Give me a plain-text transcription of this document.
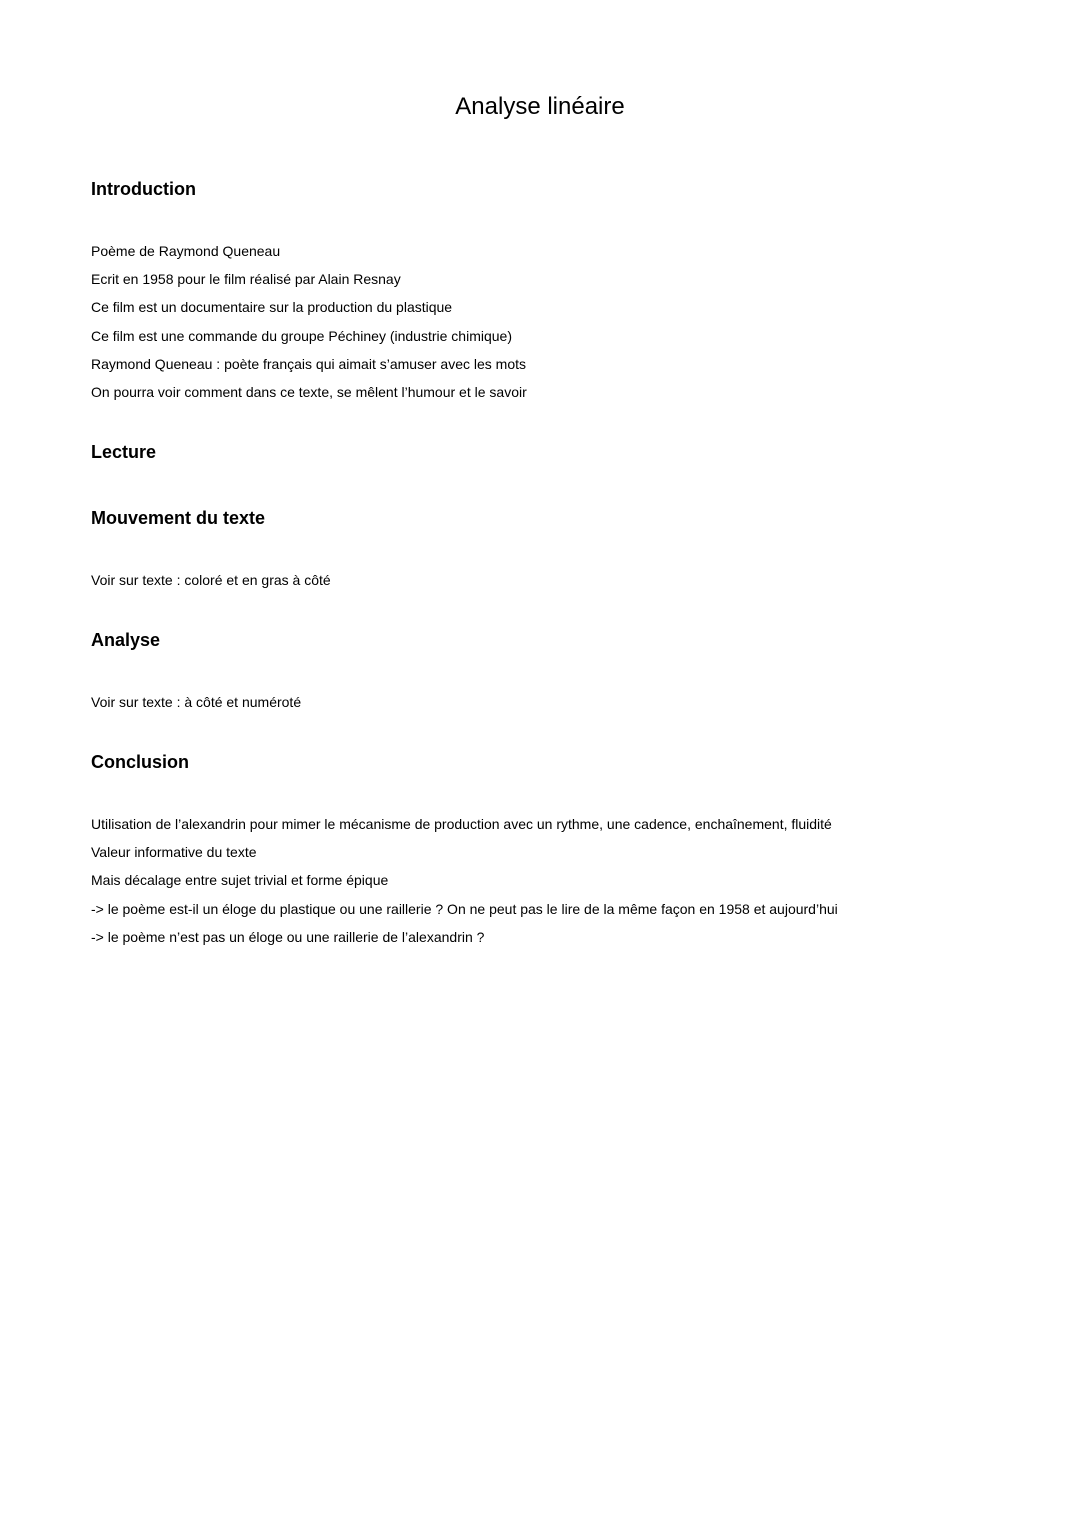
Analyse linéaire
Introduction
Poème de Raymond Queneau
Ecrit en 1958 pour le film réalisé par Alain Resnay
Ce film est un documentaire sur la production du plastique
Ce film est une commande du groupe Péchiney (industrie chimique)
Raymond Queneau : poète français qui aimait s’amuser avec les mots
On pourra voir comment dans ce texte, se mêlent l’humour et le savoir
Lecture
Mouvement du texte
Voir sur texte : coloré et en gras à côté
Analyse
Voir sur texte : à côté et numéroté
Conclusion
Utilisation de l’alexandrin pour mimer le mécanisme de production avec un rythme, une cadence, enchaînement, fluidité
Valeur informative du texte
Mais décalage entre sujet trivial et forme épique
-> le poème est-il un éloge du plastique ou une raillerie ? On ne peut pas le lire de la même façon en 1958 et aujourd’hui
-> le poème n’est pas un éloge ou une raillerie de l’alexandrin ?
